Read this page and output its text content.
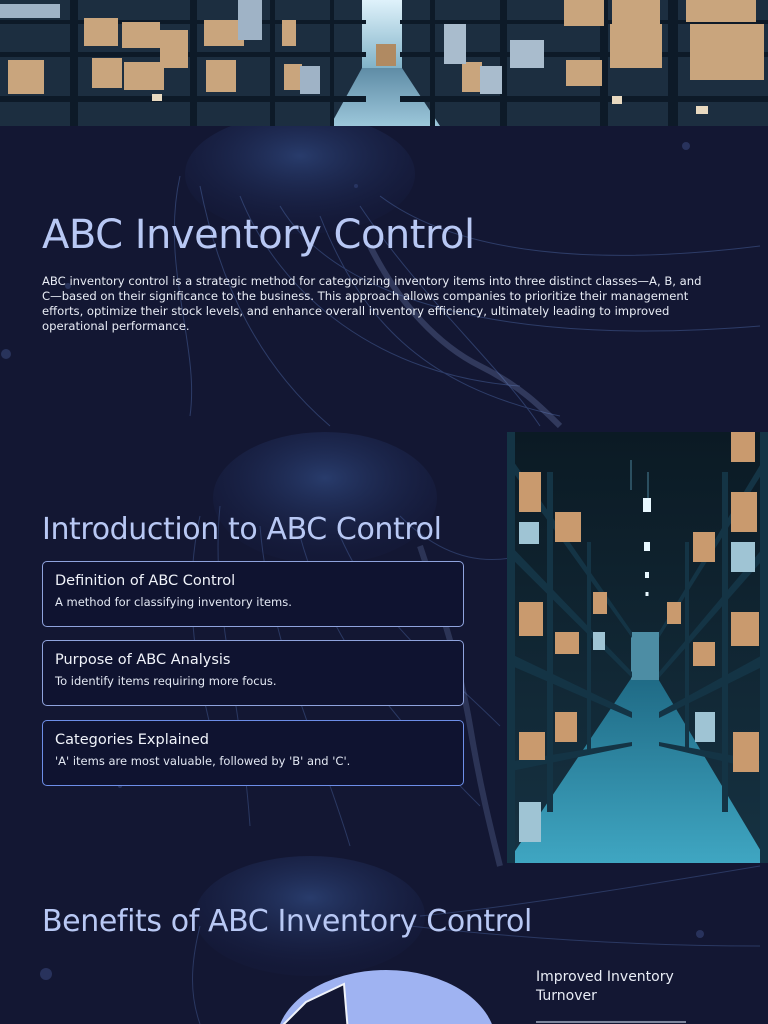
ABC Inventory Control

ABC inventory control is a strategic method for categorizing inventory items into three distinct classes—A, B, and C—based on their significance to the business. This approach allows companies to prioritize their management efforts, optimize their stock levels, and enhance overall inventory efficiency, ultimately leading to improved operational performance.

Introduction to ABC Control
Definition of ABC Control
A method for classifying inventory items.
Purpose of ABC Analysis
To identify items requiring more focus.
Categories Explained
'A' items are most valuable, followed by 'B' and 'C'.
Benefits of ABC Inventory Control
Improved Inventory Turnover
